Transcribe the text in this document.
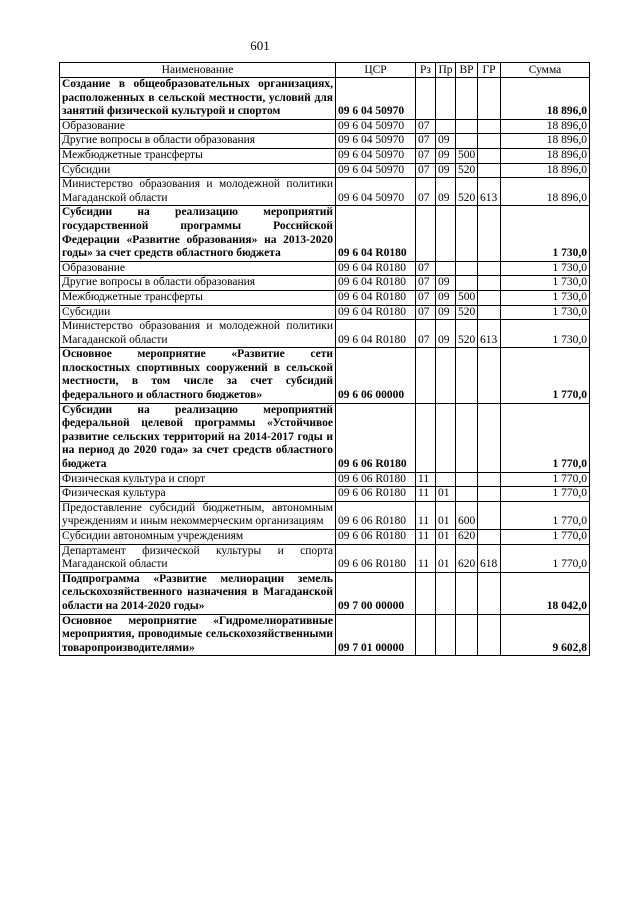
601
Наименование	ЦСР	Рз	Пр	ВР	ГР	Сумма
Создание в общеобразовательных организациях, расположенных в сельской местности, условий для занятий физической культурой и спортом	09 6 04 50970					18 896,0
Образование	09 6 04 50970	07				18 896,0
Другие вопросы в области образования	09 6 04 50970	07	09			18 896,0
Межбюджетные трансферты	09 6 04 50970	07	09	500		18 896,0
Субсидии	09 6 04 50970	07	09	520		18 896,0
Министерство образования и молодежной политики Магаданской области	09 6 04 50970	07	09	520	613	18 896,0
Субсидии на реализацию мероприятий государственной программы Российской Федерации «Развитие образования» на 2013-2020 годы» за счет средств областного бюджета	09 6 04 R0180					1 730,0
Образование	09 6 04 R0180	07				1 730,0
Другие вопросы в области образования	09 6 04 R0180	07	09			1 730,0
Межбюджетные трансферты	09 6 04 R0180	07	09	500		1 730,0
Субсидии	09 6 04 R0180	07	09	520		1 730,0
Министерство образования и молодежной политики Магаданской области	09 6 04 R0180	07	09	520	613	1 730,0
Основное мероприятие «Развитие сети плоскостных спортивных сооружений в сельской местности, в том числе за счет субсидий федерального и областного бюджетов»	09 6 06 00000					1 770,0
Субсидии на реализацию мероприятий федеральной целевой программы «Устойчивое развитие сельских территорий на 2014-2017 годы и на период до 2020 года» за счет средств областного бюджета	09 6 06 R0180					1 770,0
Физическая культура и спорт	09 6 06 R0180	11				1 770,0
Физическая культура	09 6 06 R0180	11	01			1 770,0
Предоставление субсидий бюджетным, автономным учреждениям и иным некоммерческим организациям	09 6 06 R0180	11	01	600		1 770,0
Субсидии автономным учреждениям	09 6 06 R0180	11	01	620		1 770,0
Департамент физической культуры и спорта Магаданской области	09 6 06 R0180	11	01	620	618	1 770,0
Подпрограмма «Развитие мелиорации земель сельскохозяйственного назначения в Магаданской области на 2014-2020 годы»	09 7 00 00000					18 042,0
Основное мероприятие «Гидромелиоративные мероприятия, проводимые сельскохозяйственными товаропроизводителями»	09 7 01 00000					9 602,8
